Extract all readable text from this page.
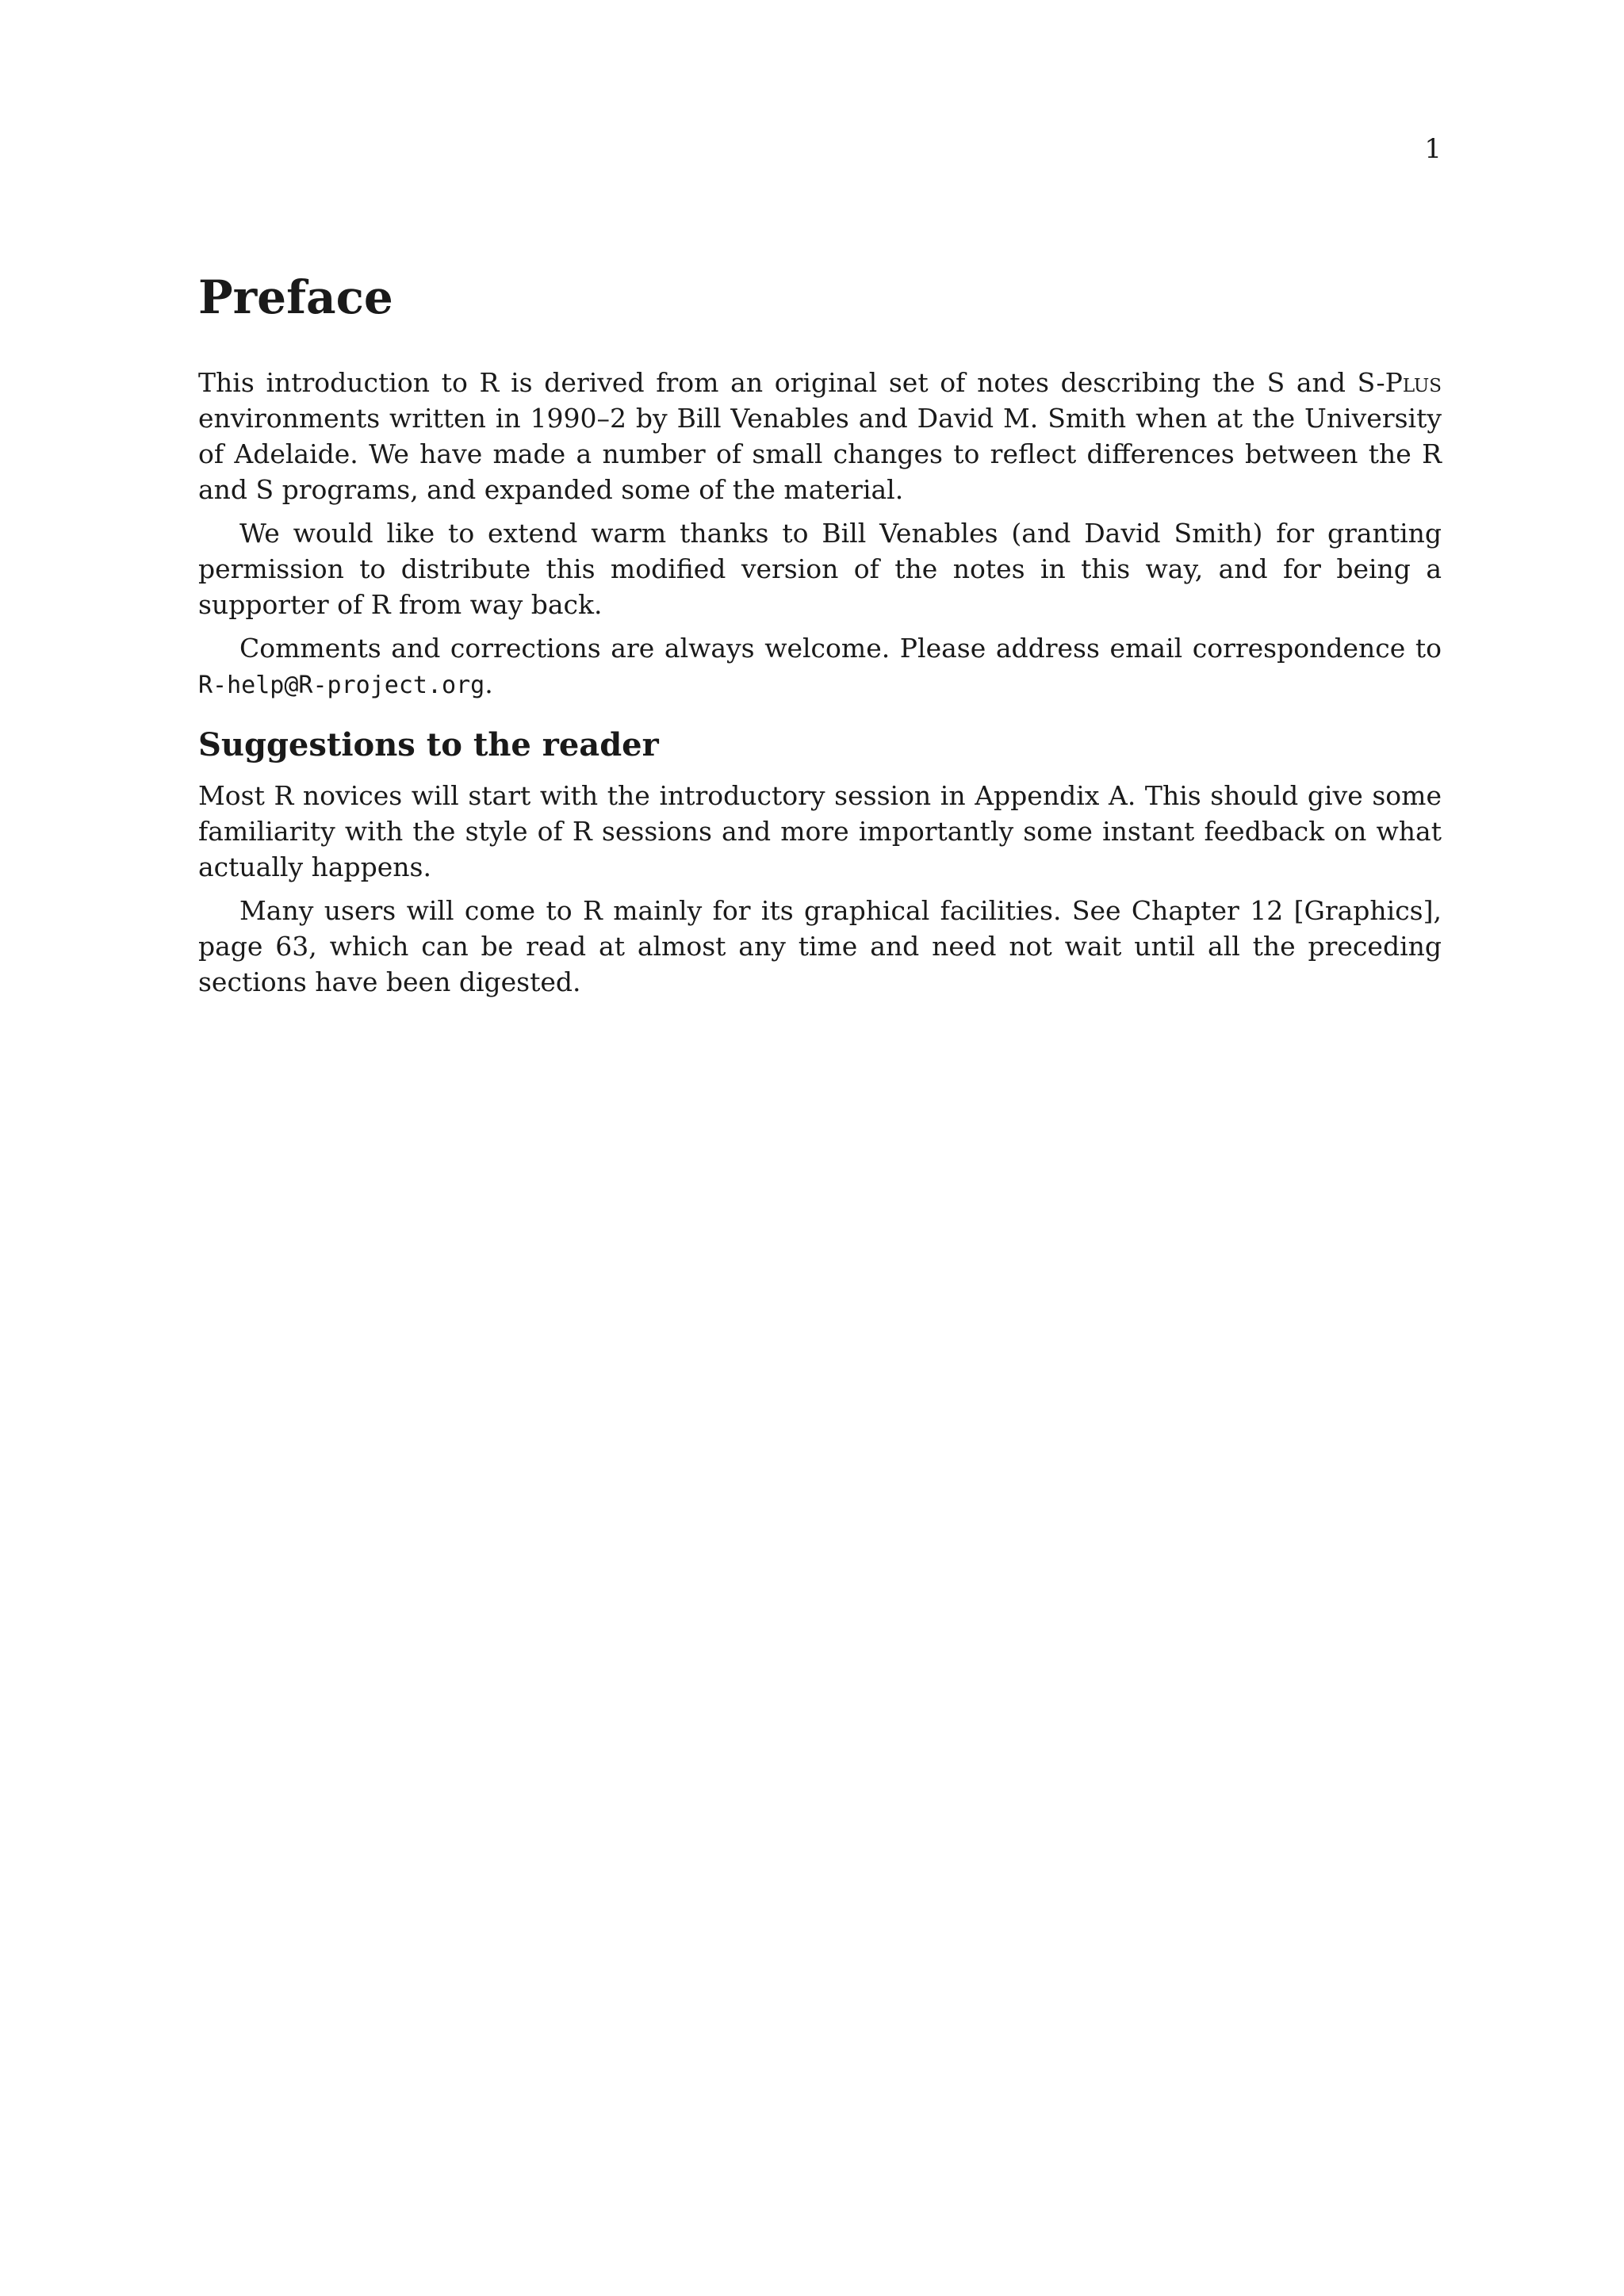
1

Preface

This introduction to R is derived from an original set of notes describing the S and S-Plus environments written in 1990–2 by Bill Venables and David M. Smith when at the University of Adelaide. We have made a number of small changes to reflect differences between the R and S programs, and expanded some of the material.

We would like to extend warm thanks to Bill Venables (and David Smith) for granting permission to distribute this modified version of the notes in this way, and for being a supporter of R from way back.

Comments and corrections are always welcome. Please address email correspondence to R-help@R-project.org.

Suggestions to the reader

Most R novices will start with the introductory session in Appendix A. This should give some familiarity with the style of R sessions and more importantly some instant feedback on what actually happens.

Many users will come to R mainly for its graphical facilities. See Chapter 12 [Graphics], page 63, which can be read at almost any time and need not wait until all the preceding sections have been digested.
